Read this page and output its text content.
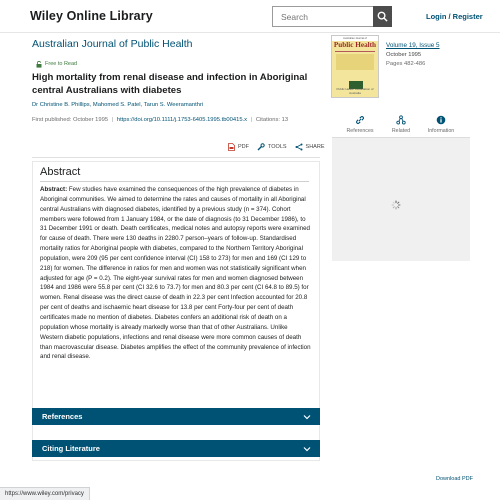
Wiley Online Library
Search	Login / Register
Australian Journal of Public Health
Free to Read
High mortality from renal disease and infection in Aboriginal central Australians with diabetes
Dr Christine B. Phillips, Mahomed S. Patel, Tarun S. Weeramanthri
First published: October 1995 | https://doi.org/10.1111/j.1753-6405.1995.tb00415.x | Citations: 13
Australian Journal of
Public Health
Public Health Association of Australia
Volume 19, Issue 5
October 1995
Pages 482-486
References	Related	Information
PDF	TOOLS	SHARE
Abstract
Abstract: Few studies have examined the consequences of the high prevalence of diabetes in Aboriginal communities. We aimed to determine the rates and causes of mortality in all Aboriginal central Australians with diagnosed diabetes, identified by a previous study (n = 374). Cohort members were followed from 1 January 1984, or the date of diagnosis (to 31 December 1986), to 31 December 1991 or death. Death certificates, medical notes and autopsy reports were examined for cause of death. There were 130 deaths in 2280.7 person–years of follow-up. Standardised mortality ratios for Aboriginal people with diabetes, compared to the Northern Territory Aboriginal population, were 209 (95 per cent confidence interval (CI) 158 to 273) for men and 169 (CI 129 to 218) for women. The difference in ratios for men and women was not statistically significant when adjusted for age (P = 0.2). The eight-year survival rates for men and women diagnosed between 1984 and 1986 were 55.8 per cent (CI 32.6 to 73.7) for men and 80.3 per cent (CI 64.8 to 89.5) for women. Renal disease was the direct cause of death in 22.3 per cent Infection accounted for 20.8 per cent of deaths and ischaemic heart disease for 13.8 per cent Forty-four per cent of death certificates made no mention of diabetes. Diabetes confers an additional risk of death on a population whose mortality is already markedly worse than that of other Australians. Unlike Western diabetic populations, infections and renal disease were more common causes of death than macrovascular disease. Diabetes amplifies the effect of the community prevalence of infection and renal disease.
References
Citing Literature
Download PDF
https://www.wiley.com/privacy
